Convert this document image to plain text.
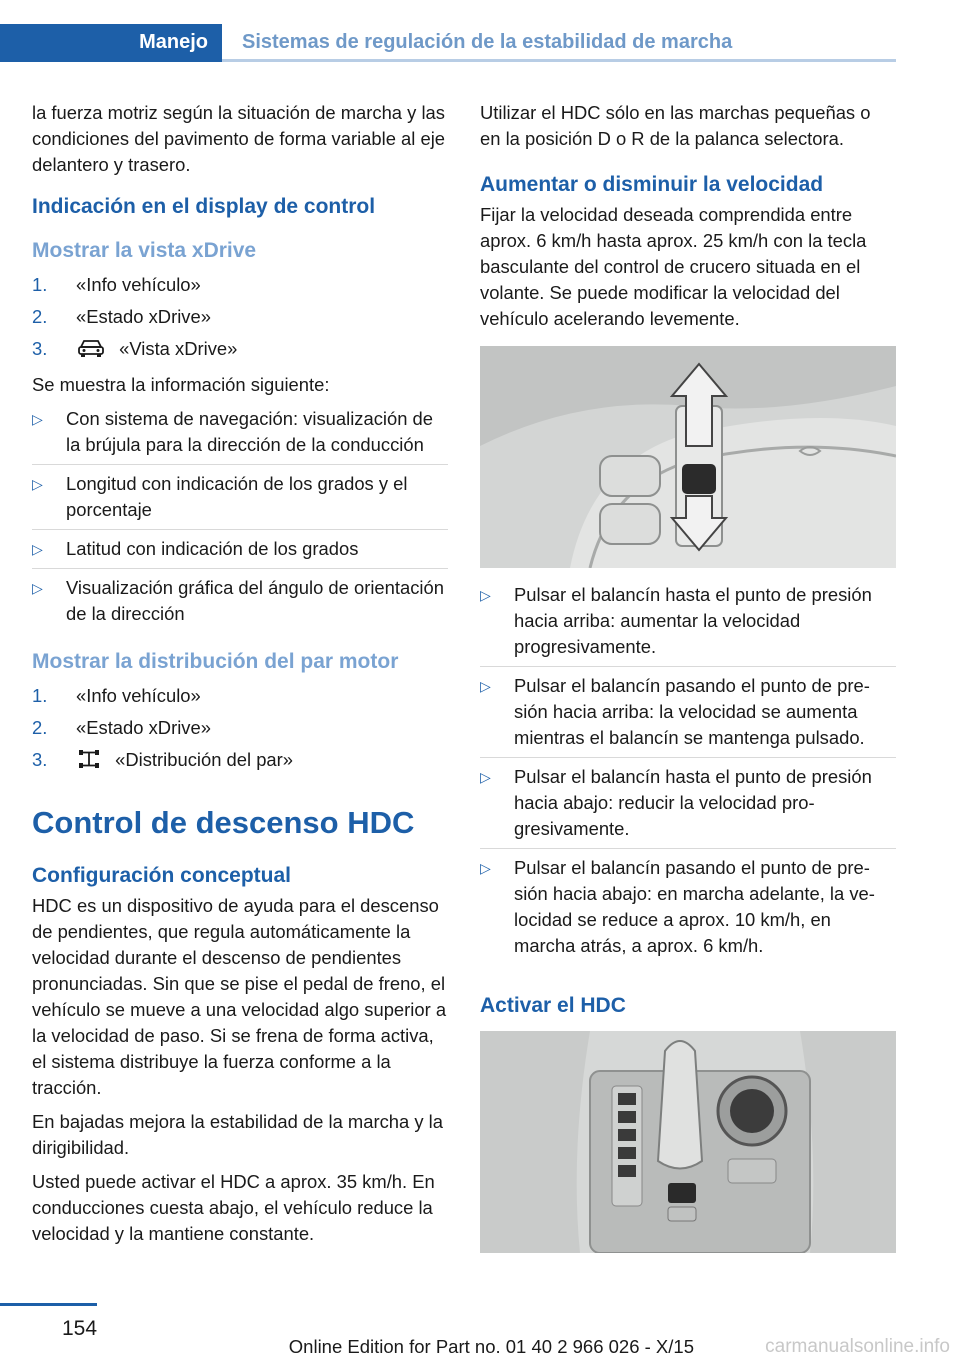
Manejo Sistemas de regulación de la estabilidad de marcha

la fuerza motriz según la situación de marcha y las condiciones del pavimento de forma variable al eje delantero y trasero.

Indicación en el display de control
Mostrar la vista xDrive
1. «Info vehículo»
2. «Estado xDrive»
3.	«Vista xDrive»

Se muestra la información siguiente:

▷ Con sistema de navegación: visualización de la brújula para la dirección de la conducción
▷ Longitud con indicación de los grados y el porcentaje
▷ Latitud con indicación de los grados
▷ Visualización gráfica del ángulo de orientación de la dirección
Mostrar la distribución del par motor
1. «Info vehículo»
2. «Estado xDrive»
3.	«Distribución del par»
Control de descenso HDC
Configuración conceptual

HDC es un dispositivo de ayuda para el descenso de pendientes, que regula automáticamente la velocidad durante el descenso de pendientes pronunciadas. Sin que se pise el pedal de freno, el vehículo se mueve a una velocidad algo superior a la velocidad de paso. Si se frena de forma activa, el sistema distribuye la fuerza conforme a la tracción.

En bajadas mejora la estabilidad de la marcha y la dirigibilidad.

Usted puede activar el HDC a aprox. 35 km/h. En conducciones cuesta abajo, el vehículo reduce la velocidad y la mantiene constante.

Utilizar el HDC sólo en las marchas pequeñas o en la posición D o R de la palanca selectora.

Aumentar o disminuir la velocidad

Fijar la velocidad deseada comprendida entre aprox. 6 km/h hasta aprox. 25 km/h con la tecla basculante del control de crucero situada en el volante. Se puede modificar la velocidad del vehículo acelerando levemente.

▷ Pulsar el balancín hasta el punto de presión hacia arriba: aumentar la velocidad progresivamente.
▷ Pulsar el balancín pasando el punto de presión hacia arriba: la velocidad se aumenta mientras el balancín se mantenga pulsado.
▷ Pulsar el balancín hasta el punto de presión hacia abajo: reducir la velocidad progresivamente.
▷ Pulsar el balancín pasando el punto de presión hacia abajo: en marcha adelante, la velocidad se reduce a aprox. 10 km/h, en marcha atrás, a aprox. 6 km/h.
Activar el HDC
154
Online Edition for Part no. 01 40 2 966 026 - X/15	carmanualsonline.info
